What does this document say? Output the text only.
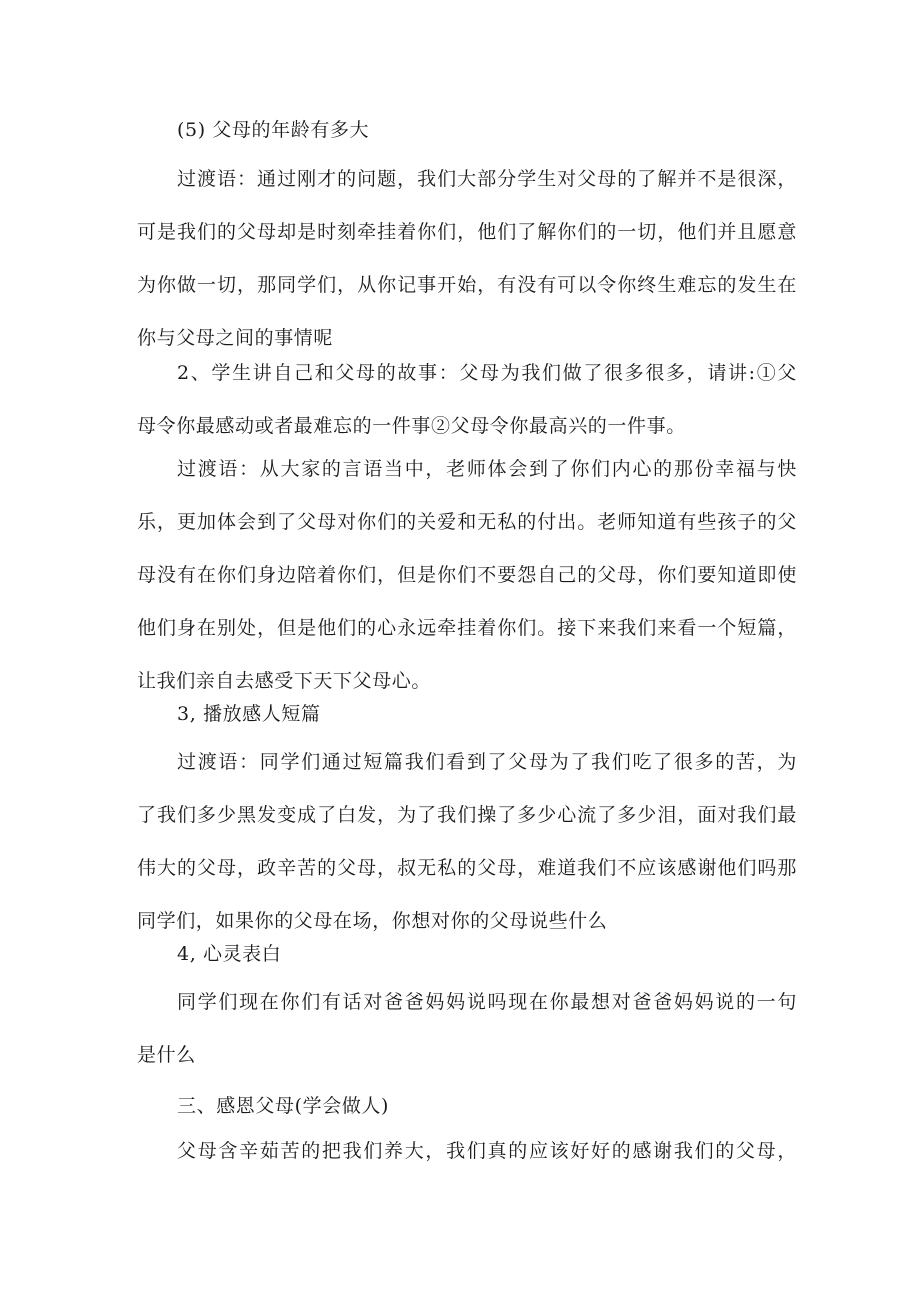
(5) 父母的年龄有多大

过渡语：通过刚才的问题，我们大部分学生对父母的了解并不是很深，

可是我们的父母却是时刻牵挂着你们，他们了解你们的一切，他们并且愿意

为你做一切，那同学们，从你记事开始，有没有可以令你终生难忘的发生在

你与父母之间的事情呢

2、学生讲自己和父母的故事：父母为我们做了很多很多，请讲:①父

母令你最感动或者最难忘的一件事②父母令你最高兴的一件事。

过渡语：从大家的言语当中，老师体会到了你们内心的那份幸福与快

乐，更加体会到了父母对你们的关爱和无私的付出。老师知道有些孩子的父

母没有在你们身边陪着你们，但是你们不要怨自己的父母，你们要知道即使

他们身在别处，但是他们的心永远牵挂着你们。接下来我们来看一个短篇，

让我们亲自去感受下天下父母心。

3, 播放感人短篇

过渡语：同学们通过短篇我们看到了父母为了我们吃了很多的苦，为

了我们多少黑发变成了白发，为了我们操了多少心流了多少泪，面对我们最

伟大的父母，政辛苦的父母，叔无私的父母，难道我们不应该感谢他们吗那

同学们，如果你的父母在场，你想对你的父母说些什么

4, 心灵表白

同学们现在你们有话对爸爸妈妈说吗现在你最想对爸爸妈妈说的一句

是什么

三、感恩父母(学会做人)

父母含辛茹苦的把我们养大，我们真的应该好好的感谢我们的父母，
